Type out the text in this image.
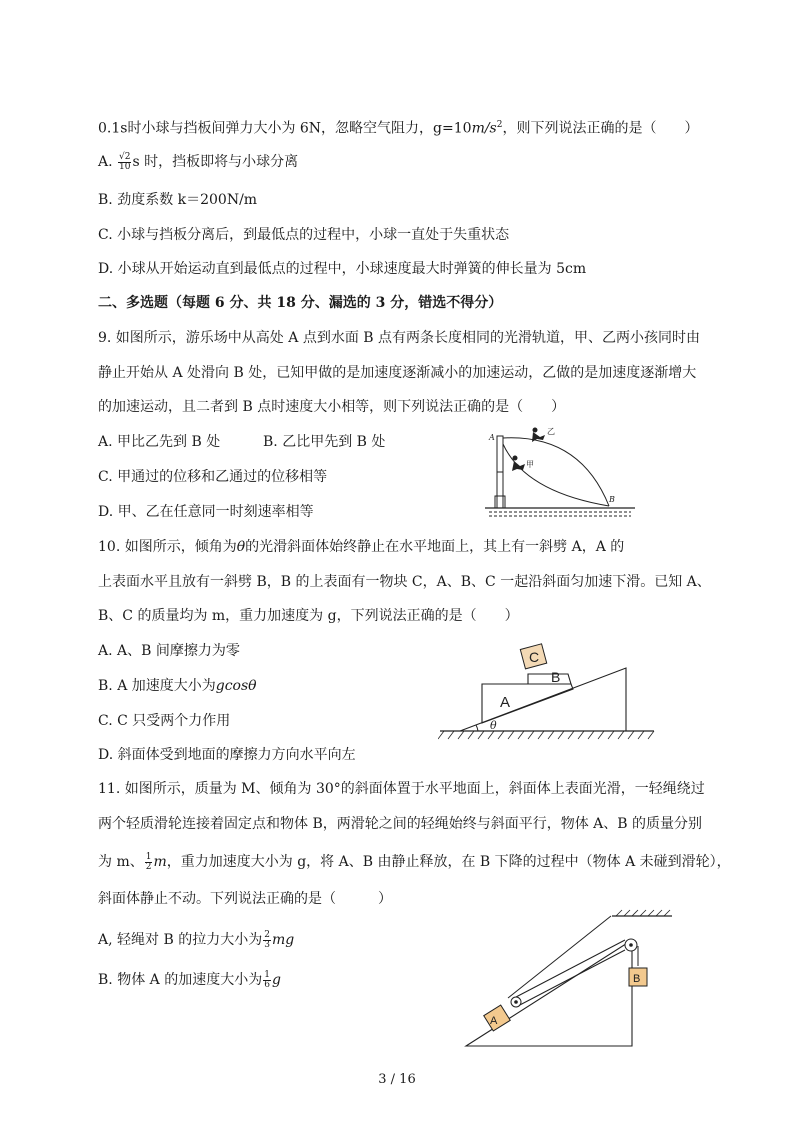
0.1s时小球与挡板间弹力大小为 6N，忽略空气阻力，$g=10m/s^2$，则下列说法正确的是（　　）
A. $\frac{√2}{10}$ s 时，挡板即将与小球分离
B. 劲度系数 k＝200N/m
C. 小球与挡板分离后，到最低点的过程中，小球一直处于失重状态
D. 小球从开始运动直到最低点的过程中，小球速度最大时弹簧的伸长量为 5cm
二、多选题（每题 6 分、共 18 分、漏选的 3 分，错选不得分）
9. 如图所示，游乐场中从高处 A 点到水面 B 点有两条长度相同的光滑轨道，甲、乙两小孩同时由
静止开始从 A 处滑向 B 处，已知甲做的是加速度逐渐减小的加速运动，乙做的是加速度逐渐增大
的加速运动，且二者到 B 点时速度大小相等，则下列说法正确的是（　　）
A. 甲比乙先到 B 处	B. 乙比甲先到 B 处
C. 甲通过的位移和乙通过的位移相等
D. 甲、乙在任意同一时刻速率相等
A
乙
甲
B
10. 如图所示，倾角为θ的光滑斜面体始终静止在水平地面上，其上有一斜劈 A，A 的
上表面水平且放有一斜劈 B，B 的上表面有一物块 C，A、B、C 一起沿斜面匀加速下滑。已知 A、
B、C 的质量均为 m，重力加速度为 g，下列说法正确的是（　　）
A. A、B 间摩擦力为零
B. A 加速度大小为gcosθ
C. C 只受两个力作用
D. 斜面体受到地面的摩擦力方向水平向左
C
B
A
θ
11. 如图所示，质量为 M、倾角为 30°的斜面体置于水平地面上，斜面体上表面光滑，一轻绳绕过
两个轻质滑轮连接着固定点和物体 B，两滑轮之间的轻绳始终与斜面平行，物体 A、B 的质量分别
为 m、 $\frac{1}{2}$ m，重力加速度大小为 g，将 A、B 由静止释放，在 B 下降的过程中（物体 A 未碰到滑轮），
斜面体静止不动。下列说法正确的是（　　　）
A, 轻绳对 B 的拉力大小为 $\frac{2}{3}$ mg
B. 物体 A 的加速度大小为 $\frac{1}{6}$ g
A
B
3 / 16
